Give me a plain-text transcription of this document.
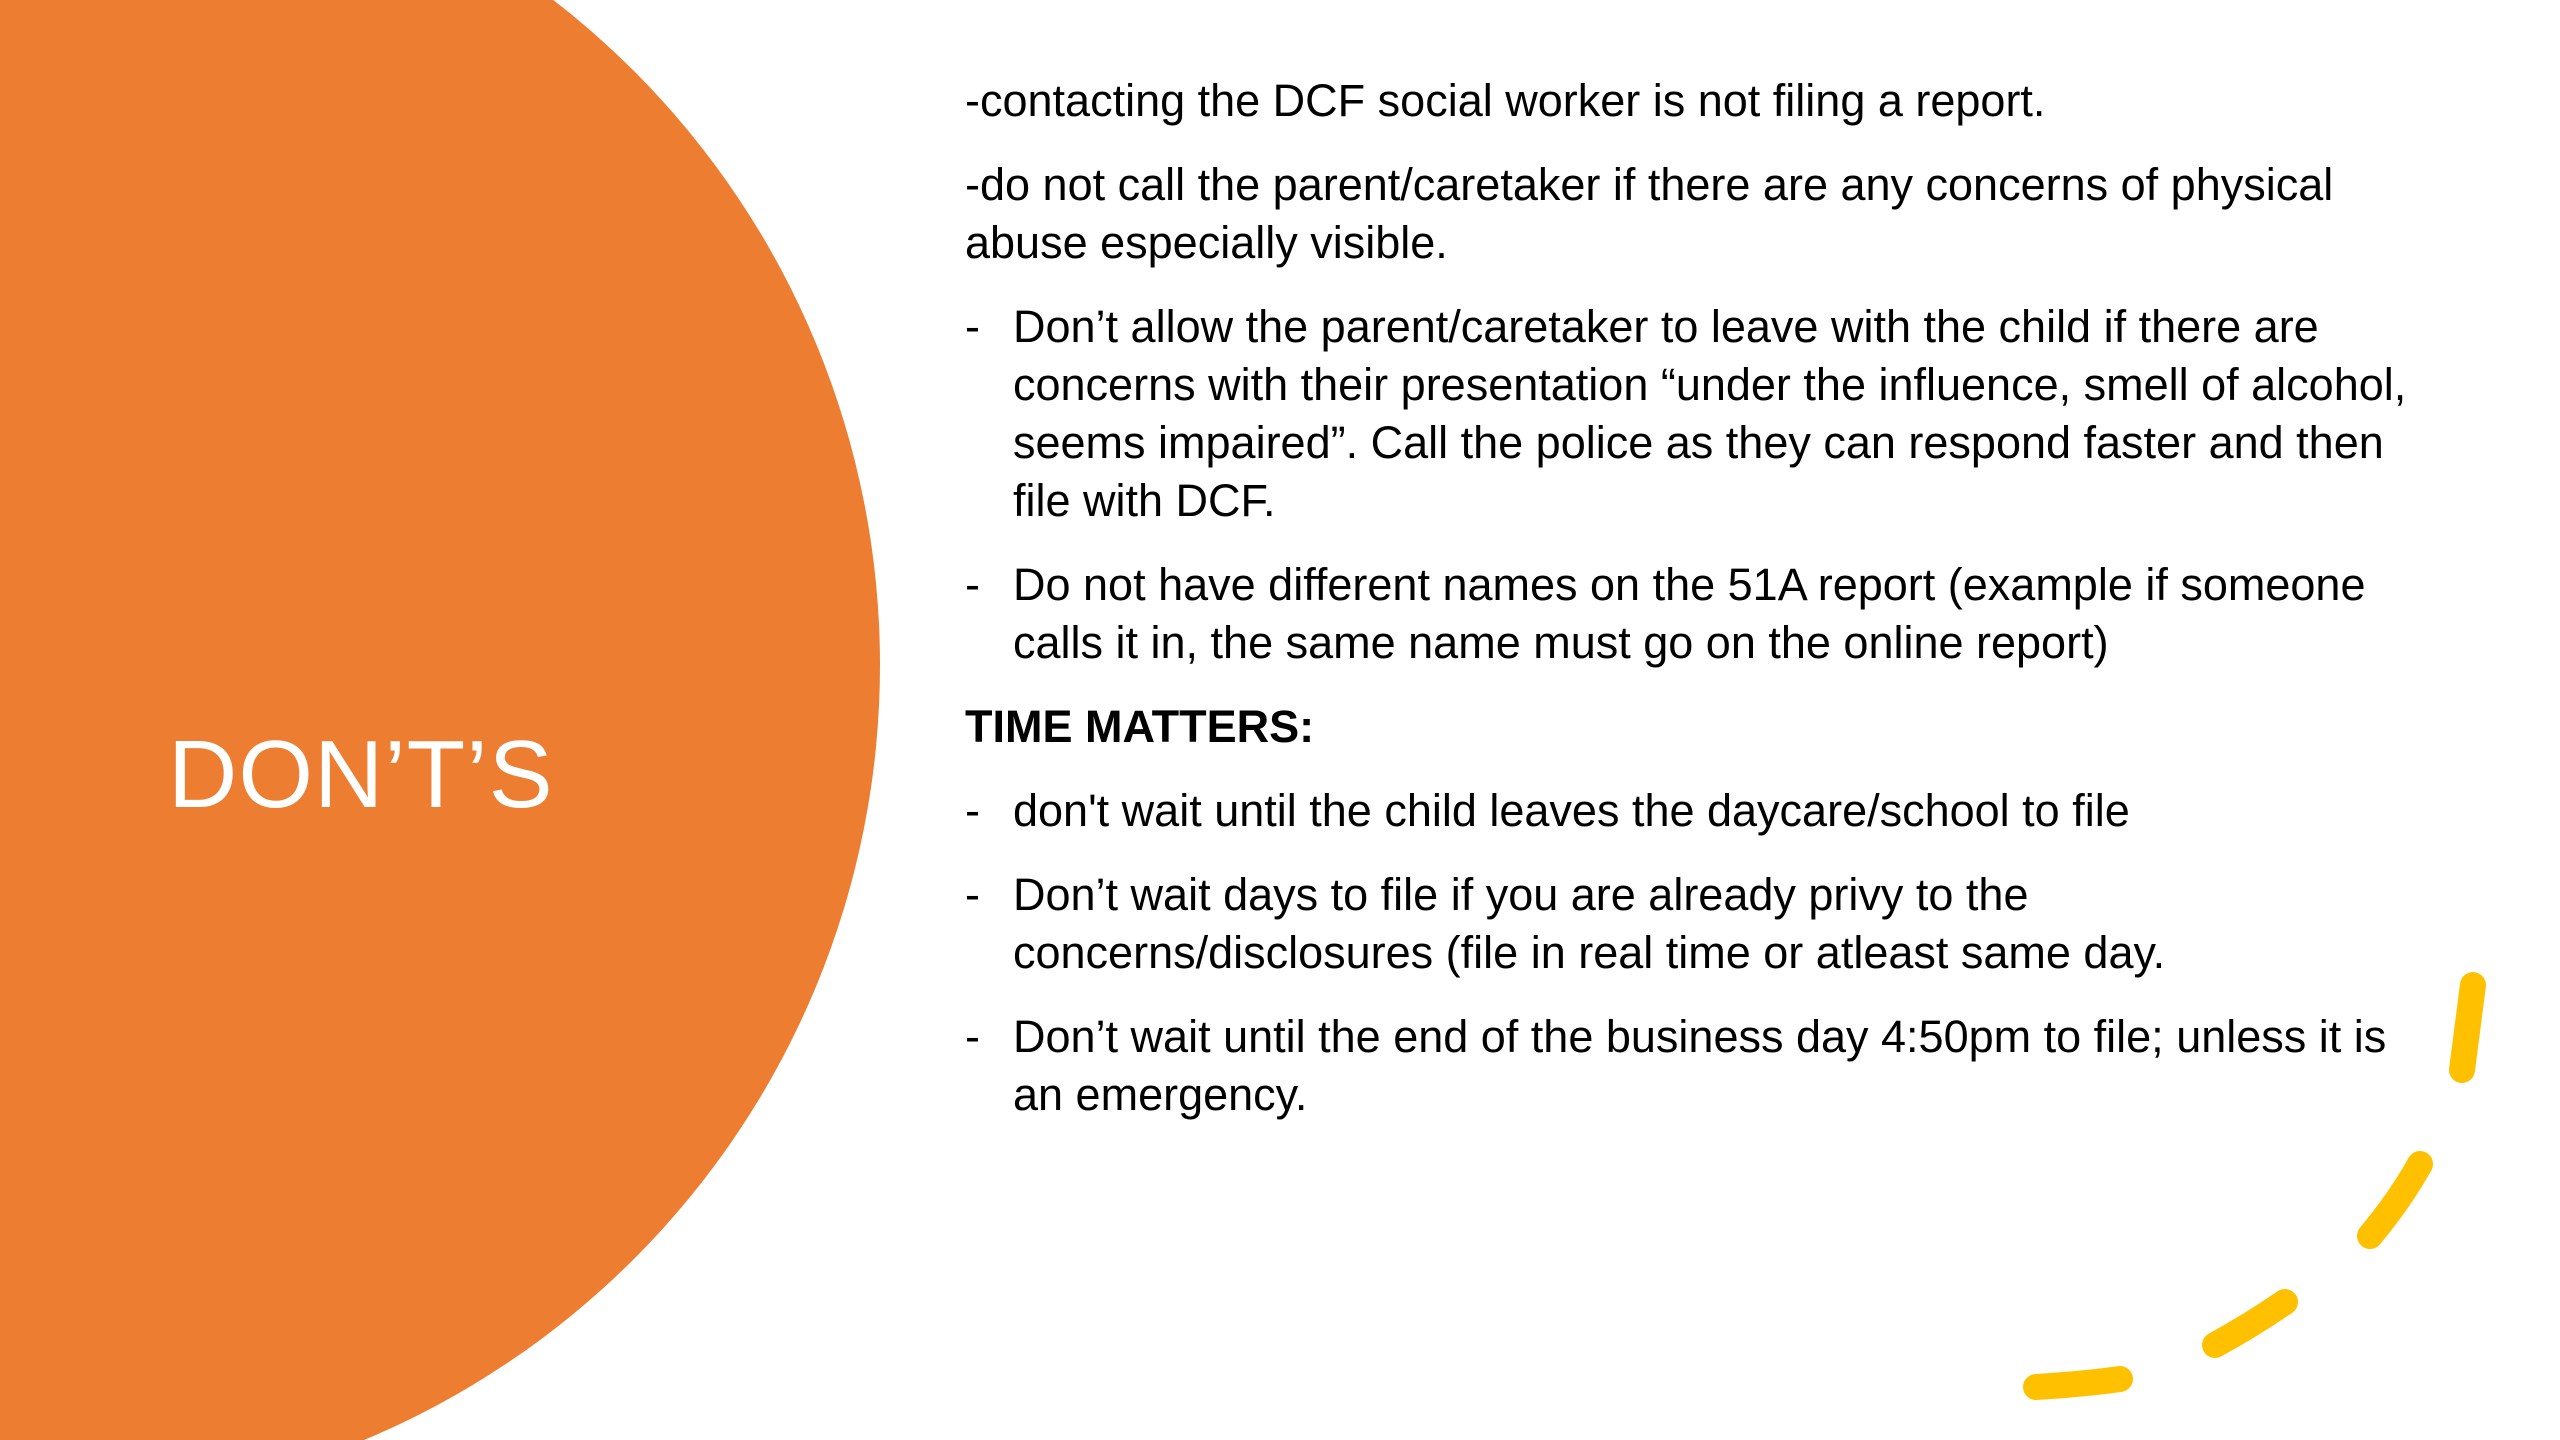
DON’T’S

-contacting the DCF social worker is not filing a report.

-do not call the parent/caretaker if there are any concerns of physical abuse especially visible.

- Don’t allow the parent/caretaker to leave with the child if there are concerns with their presentation “under the influence, smell of alcohol, seems impaired”. Call the police as they can respond faster and then file with DCF.
- Do not have different names on the 51A report (example if someone calls it in, the same name must go on the online report)

TIME MATTERS:

- don't wait until the child leaves the daycare/school to file
- Don’t wait days to file if you are already privy to the concerns/disclosures (file in real time or atleast same day.
- Don’t wait until the end of the business day 4:50pm to file; unless it is an emergency.
